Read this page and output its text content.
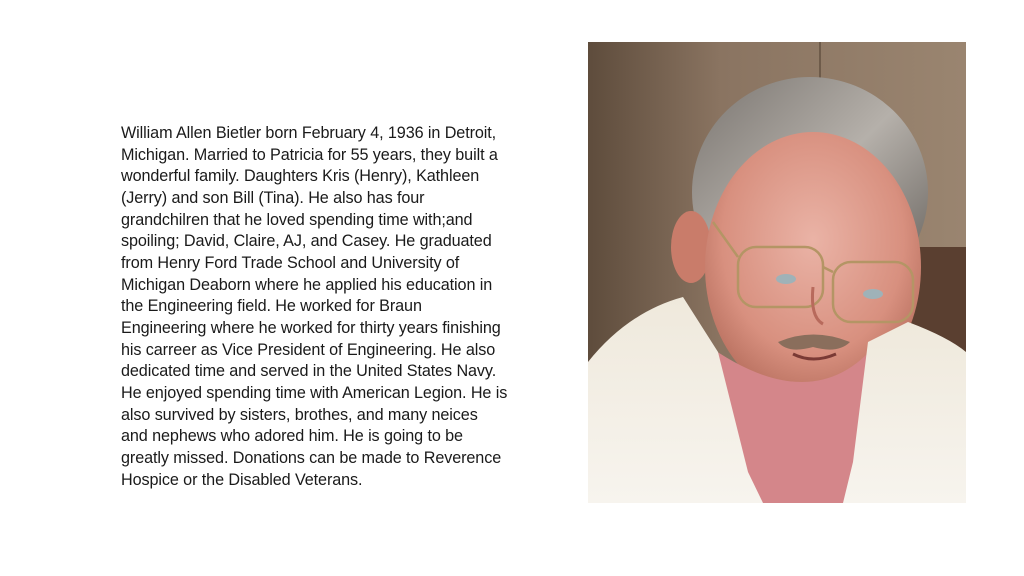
William Allen Bietler born February 4, 1936 in Detroit,
Michigan. Married to Patricia for 55 years, they built a
wonderful family. Daughters Kris (Henry), Kathleen
(Jerry) and son Bill (Tina). He also has four
grandchilren that he loved spending time with;and
spoiling; David, Claire, AJ, and Casey. He graduated
from Henry Ford Trade School and University of
Michigan Deaborn where he applied his education in
the Engineering field. He worked for Braun
Engineering where he worked for thirty years finishing
his carreer as Vice President of Engineering. He also
dedicated time and served in the United States Navy.
He enjoyed spending time with American Legion. He is
also survived by sisters, brothes, and many neices
and nephews who adored him. He is going to be
greatly missed. Donations can be made to Reverence
Hospice or the Disabled Veterans.
